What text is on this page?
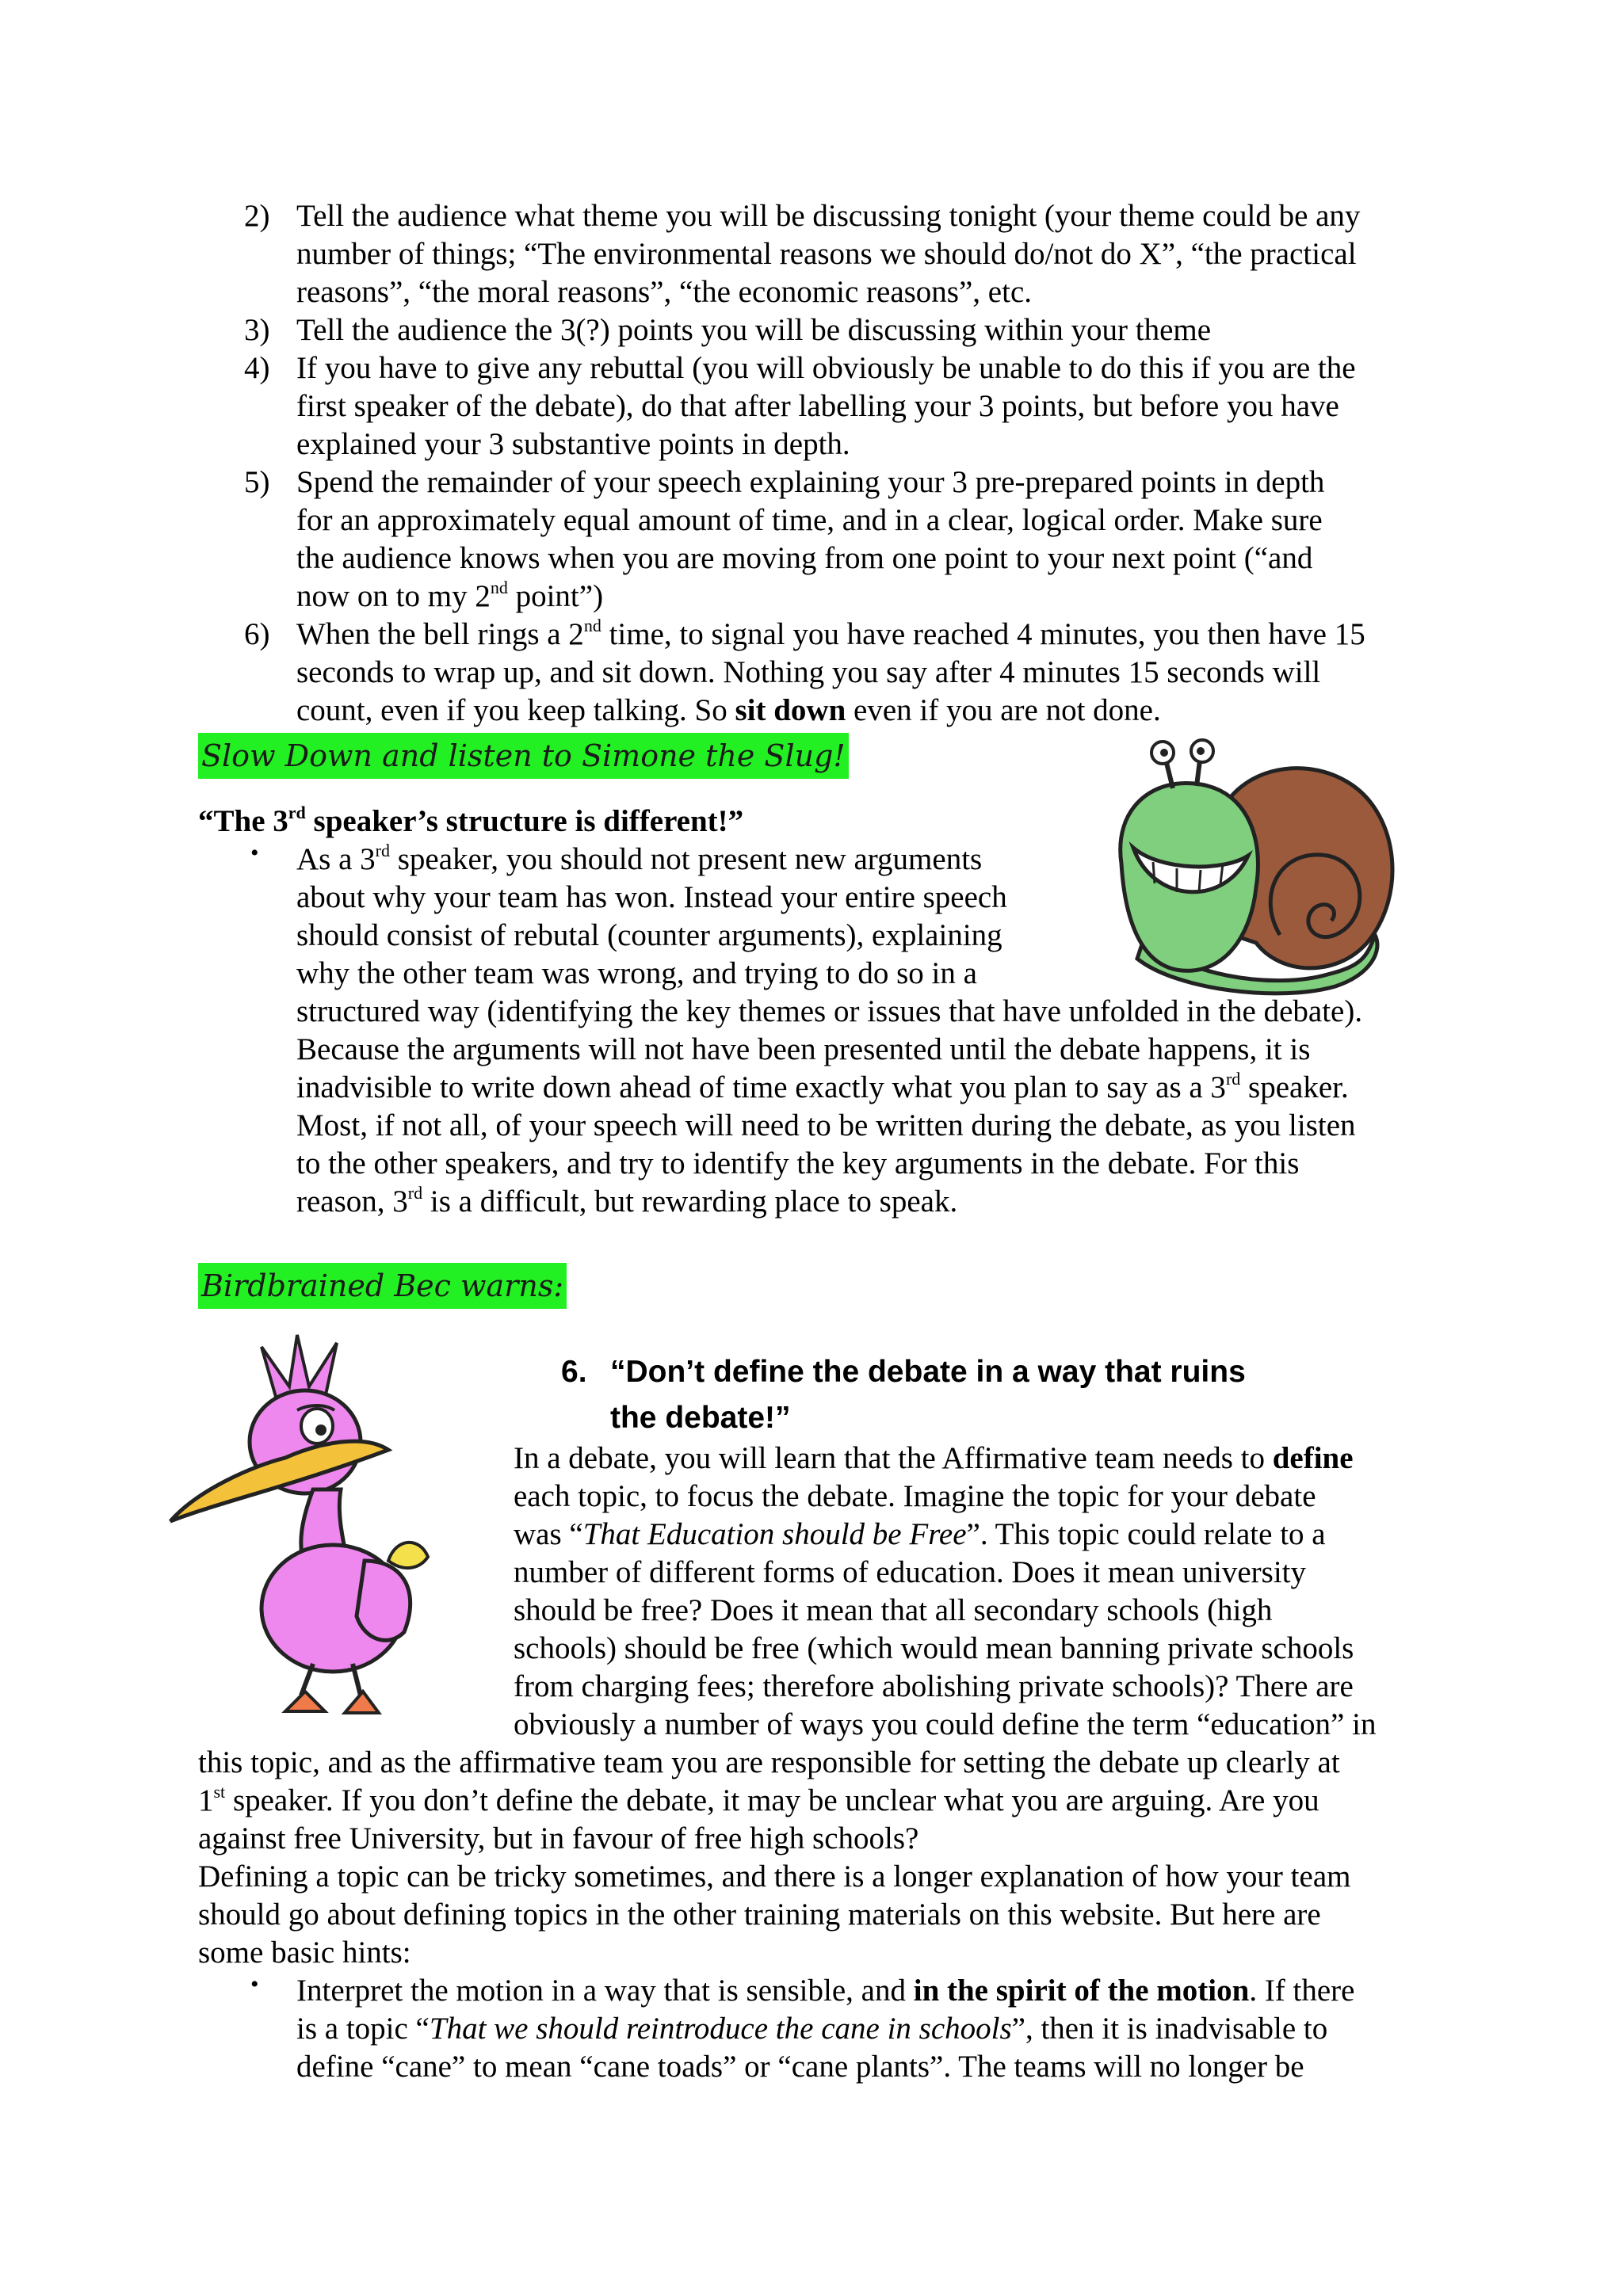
2) Tell the audience what theme you will be discussing tonight (your theme could be any
number of things; “The environmental reasons we should do/not do X”, “the practical
reasons”, “the moral reasons”, “the economic reasons”, etc.
3) Tell the audience the 3(?) points you will be discussing within your theme
4) If you have to give any rebuttal (you will obviously be unable to do this if you are the
first speaker of the debate), do that after labelling your 3 points, but before you have
explained your 3 substantive points in depth.
5) Spend the remainder of your speech explaining your 3 pre-prepared points in depth
for an approximately equal amount of time, and in a clear, logical order. Make sure
the audience knows when you are moving from one point to your next point (“and
now on to my 2nd point”)
6) When the bell rings a 2nd time, to signal you have reached 4 minutes, you then have 15
seconds to wrap up, and sit down. Nothing you say after 4 minutes 15 seconds will
count, even if you keep talking. So sit down even if you are not done.
Slow Down and listen to Simone the Slug!
“The 3rd speaker’s structure is different!”
• As a 3rd speaker, you should not present new arguments
about why your team has won. Instead your entire speech
should consist of rebutal (counter arguments), explaining
why the other team was wrong, and trying to do so in a
structured way (identifying the key themes or issues that have unfolded in the debate).
Because the arguments will not have been presented until the debate happens, it is
inadvisible to write down ahead of time exactly what you plan to say as a 3rd speaker.
Most, if not all, of your speech will need to be written during the debate, as you listen
to the other speakers, and try to identify the key arguments in the debate. For this
reason, 3rd is a difficult, but rewarding place to speak.
Birdbrained Bec warns:
6. “Don’t define the debate in a way that ruins
the debate!”
In a debate, you will learn that the Affirmative team needs to define
each topic, to focus the debate. Imagine the topic for your debate
was “That Education should be Free”. This topic could relate to a
number of different forms of education. Does it mean university
should be free? Does it mean that all secondary schools (high
schools) should be free (which would mean banning private schools
from charging fees; therefore abolishing private schools)? There are
obviously a number of ways you could define the term “education” in
this topic, and as the affirmative team you are responsible for setting the debate up clearly at
1st speaker. If you don’t define the debate, it may be unclear what you are arguing. Are you
against free University, but in favour of free high schools?
Defining a topic can be tricky sometimes, and there is a longer explanation of how your team
should go about defining topics in the other training materials on this website. But here are
some basic hints:
• Interpret the motion in a way that is sensible, and in the spirit of the motion. If there
is a topic “That we should reintroduce the cane in schools”, then it is inadvisable to
define “cane” to mean “cane toads” or “cane plants”. The teams will no longer be
